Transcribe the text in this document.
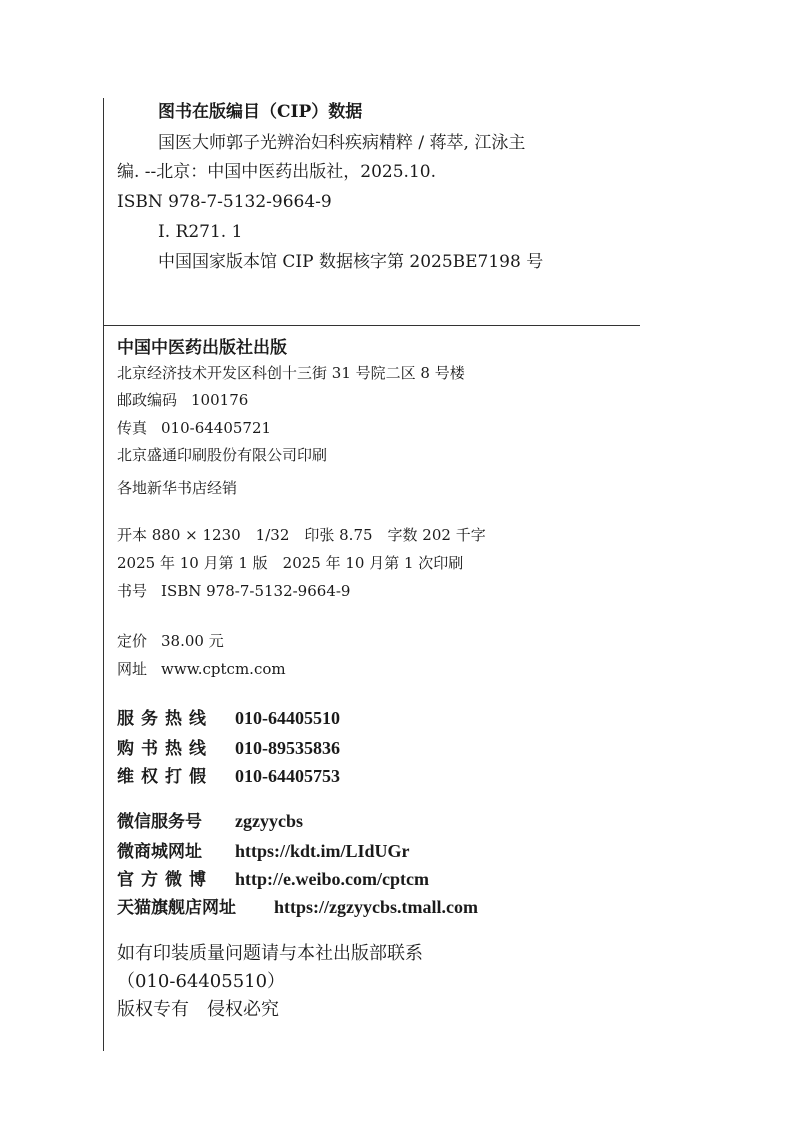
图书在版编目（CIP）数据
国医大师郭子光辨治妇科疾病精粹 / 蒋萃, 江泳主
编. --北京：中国中医药出版社，2025.10.
ISBN 978-7-5132-9664-9
Ⅰ. R271. 1
中国国家版本馆 CIP 数据核字第 2025BE7198 号
中国中医药出版社出版
北京经济技术开发区科创十三街 31 号院二区 8 号楼
邮政编码 100176
传真 010-64405721
北京盛通印刷股份有限公司印刷
各地新华书店经销
开本 880 × 1230　1/32　印张 8.75　字数 202 千字
2025 年 10 月第 1 版　2025 年 10 月第 1 次印刷
书号 ISBN 978-7-5132-9664-9
定价 38.00 元
网址 www.cptcm.com
服务热线 010-64405510
购书热线 010-89535836
维权打假 010-64405753
微信服务号 zgzyycbs
微商城网址 https://kdt.im/LIdUGr
官方微博 http://e.weibo.com/cptcm
天猫旗舰店网址 https://zgzyycbs.tmall.com
如有印装质量问题请与本社出版部联系
（010-64405510）
版权专有　侵权必究
